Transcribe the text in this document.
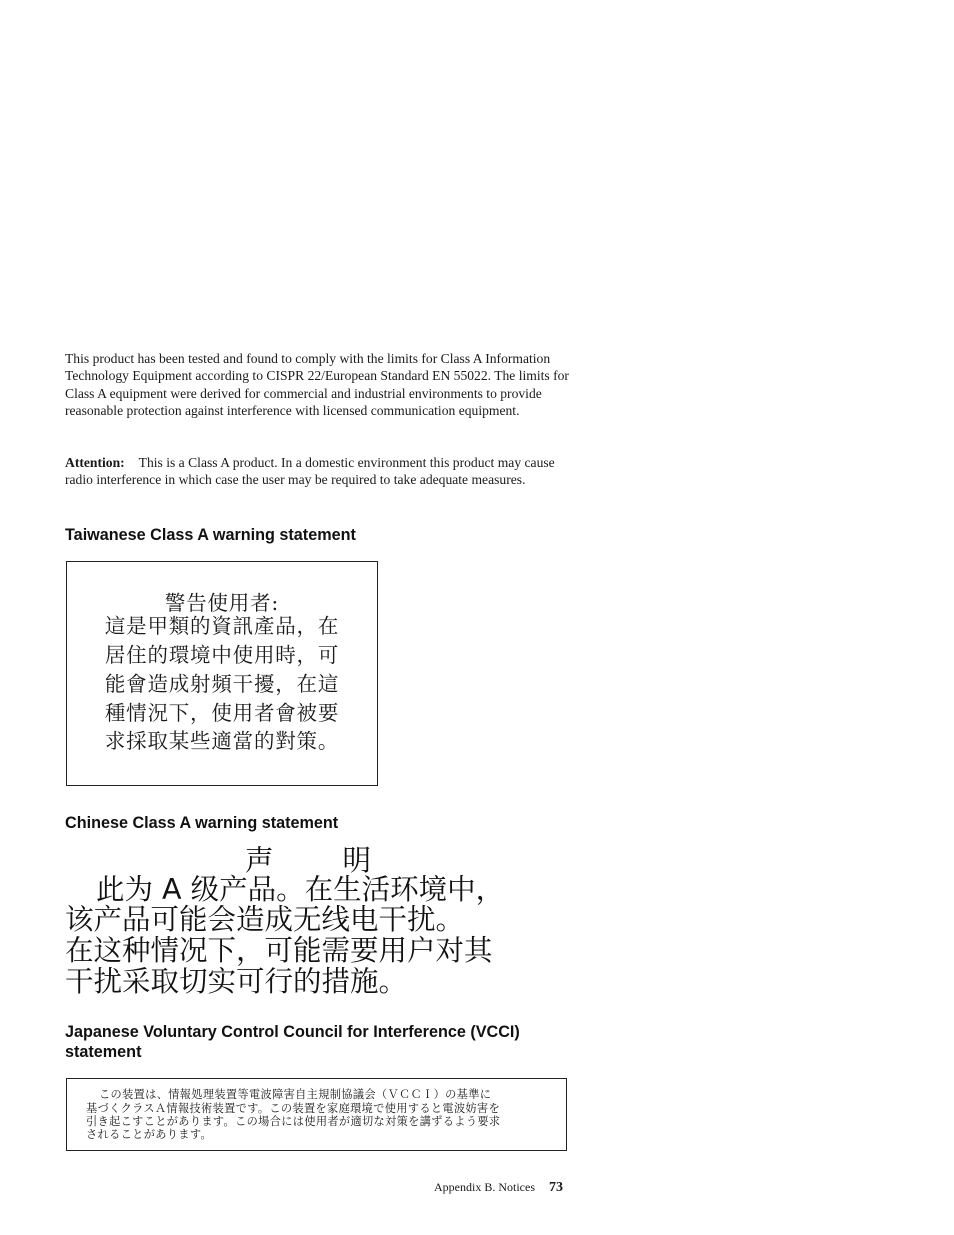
This product has been tested and found to comply with the limits for Class A Information Technology Equipment according to CISPR 22/European Standard EN 55022. The limits for Class A equipment were derived for commercial and industrial environments to provide reasonable protection against interference with licensed communication equipment.

Attention: This is a Class A product. In a domestic environment this product may cause radio interference in which case the user may be required to take adequate measures.

Taiwanese Class A warning statement
警告使用者:
這是甲類的資訊產品，在
居住的環境中使用時，可
能會造成射頻干擾，在這
種情況下，使用者會被要
求採取某些適當的對策。
Chinese Class A warning statement
声 明
此为 A 级产品。在生活环境中，
该产品可能会造成无线电干扰。
在这种情况下，可能需要用户对其
干扰采取切实可行的措施。
Japanese Voluntary Control Council for Interference (VCCI) statement
この装置は、情報処理装置等電波障害自主規制協議会（ＶＣＣＩ）の基準に
基づくクラスＡ情報技術装置です。この装置を家庭環境で使用すると電波妨害を
引き起こすことがあります。この場合には使用者が適切な対策を講ずるよう要求
されることがあります。
Appendix B. Notices 73
